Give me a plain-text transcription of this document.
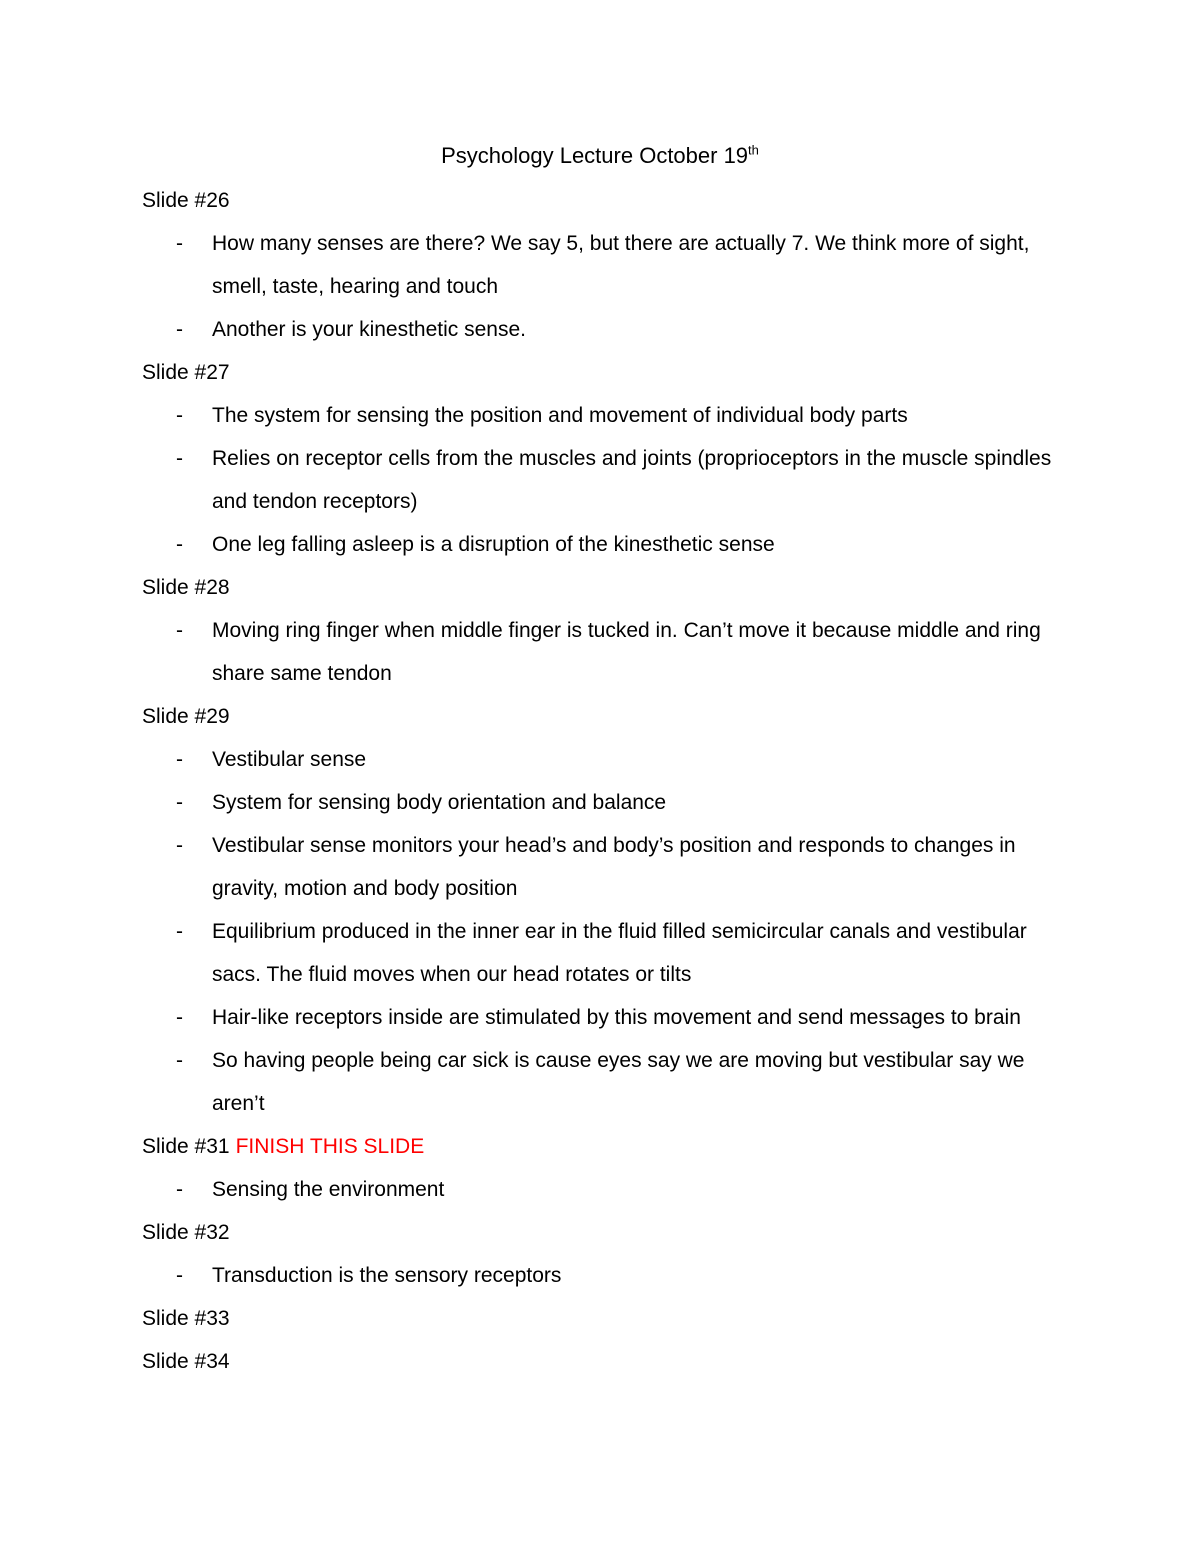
Psychology Lecture October 19th

Slide #26

- How many senses are there? We say 5, but there are actually 7. We think more of sight, smell, taste, hearing and touch
- Another is your kinesthetic sense.

Slide #27

- The system for sensing the position and movement of individual body parts
- Relies on receptor cells from the muscles and joints (proprioceptors in the muscle spindles and tendon receptors)
- One leg falling asleep is a disruption of the kinesthetic sense

Slide #28

- Moving ring finger when middle finger is tucked in. Can’t move it because middle and ring share same tendon

Slide #29

- Vestibular sense
- System for sensing body orientation and balance
- Vestibular sense monitors your head’s and body’s position and responds to changes in gravity, motion and body position
- Equilibrium produced in the inner ear in the fluid filled semicircular canals and vestibular sacs. The fluid moves when our head rotates or tilts
- Hair-like receptors inside are stimulated by this movement and send messages to brain
- So having people being car sick is cause eyes say we are moving but vestibular say we aren’t

Slide #31 FINISH THIS SLIDE

- Sensing the environment

Slide #32

- Transduction is the sensory receptors

Slide #33

Slide #34
